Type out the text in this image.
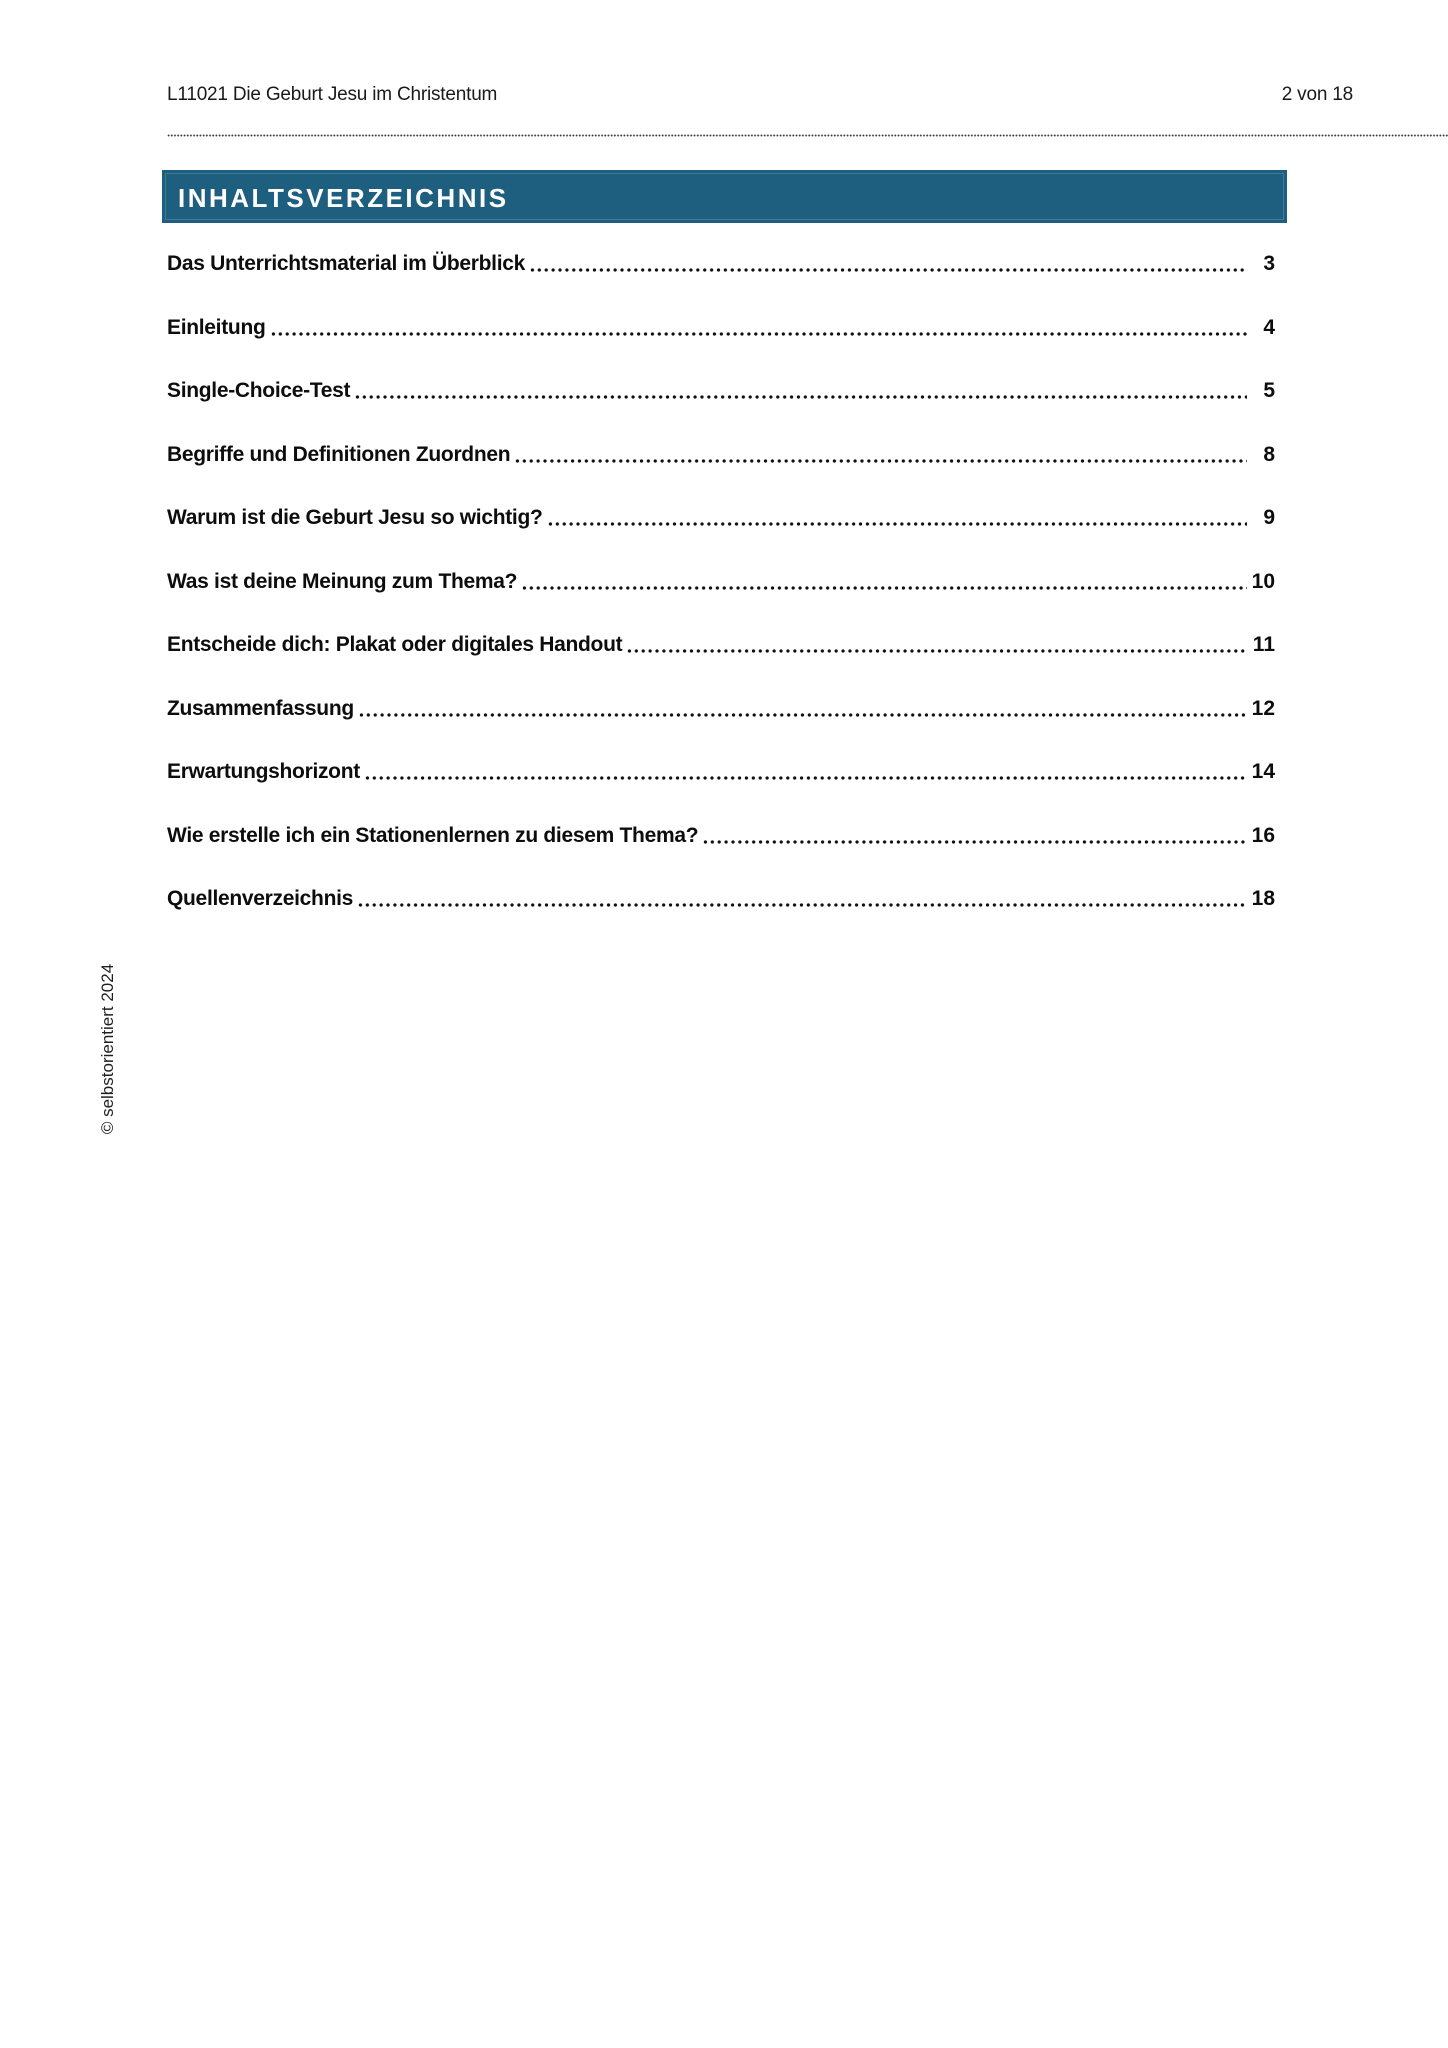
L11021 Die Geburt Jesu im Christentum	2 von 18
INHALTSVERZEICHNIS
Das Unterrichtsmaterial im Überblick	3
Einleitung	4
Single-Choice-Test	5
Begriffe und Definitionen Zuordnen	8
Warum ist die Geburt Jesu so wichtig?	9
Was ist deine Meinung zum Thema?	10
Entscheide dich: Plakat oder digitales Handout	11
Zusammenfassung	12
Erwartungshorizont	14
Wie erstelle ich ein Stationenlernen zu diesem Thema?	16
Quellenverzeichnis	18
© selbstorientiert 2024
